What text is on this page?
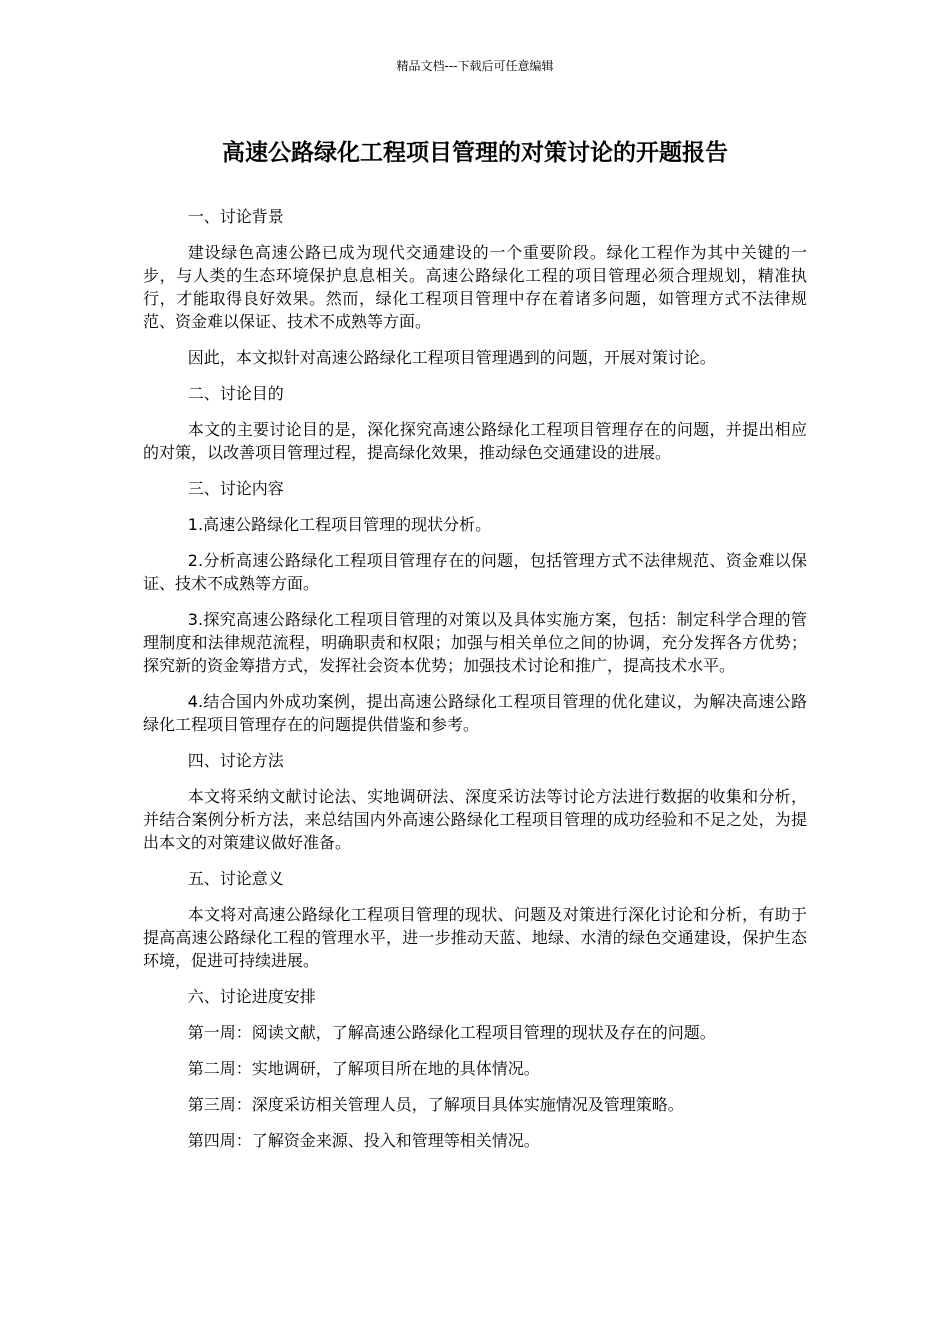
精品文档---下载后可任意编辑
高速公路绿化工程项目管理的对策讨论的开题报告

一、讨论背景

建设绿色高速公路已成为现代交通建设的一个重要阶段。绿化工程作为其中关键的一步，与人类的生态环境保护息息相关。高速公路绿化工程的项目管理必须合理规划，精准执行，才能取得良好效果。然而，绿化工程项目管理中存在着诸多问题，如管理方式不法律规范、资金难以保证、技术不成熟等方面。

因此，本文拟针对高速公路绿化工程项目管理遇到的问题，开展对策讨论。

二、讨论目的

本文的主要讨论目的是，深化探究高速公路绿化工程项目管理存在的问题，并提出相应的对策，以改善项目管理过程，提高绿化效果，推动绿色交通建设的进展。

三、讨论内容

1.高速公路绿化工程项目管理的现状分析。

2.分析高速公路绿化工程项目管理存在的问题，包括管理方式不法律规范、资金难以保证、技术不成熟等方面。

3.探究高速公路绿化工程项目管理的对策以及具体实施方案，包括：制定科学合理的管理制度和法律规范流程，明确职责和权限；加强与相关单位之间的协调，充分发挥各方优势；探究新的资金筹措方式，发挥社会资本优势；加强技术讨论和推广，提高技术水平。

4.结合国内外成功案例，提出高速公路绿化工程项目管理的优化建议，为解决高速公路绿化工程项目管理存在的问题提供借鉴和参考。

四、讨论方法

本文将采纳文献讨论法、实地调研法、深度采访法等讨论方法进行数据的收集和分析，并结合案例分析方法，来总结国内外高速公路绿化工程项目管理的成功经验和不足之处，为提出本文的对策建议做好准备。

五、讨论意义

本文将对高速公路绿化工程项目管理的现状、问题及对策进行深化讨论和分析，有助于提高高速公路绿化工程的管理水平，进一步推动天蓝、地绿、水清的绿色交通建设，保护生态环境，促进可持续进展。

六、讨论进度安排

第一周：阅读文献，了解高速公路绿化工程项目管理的现状及存在的问题。

第二周：实地调研，了解项目所在地的具体情况。

第三周：深度采访相关管理人员，了解项目具体实施情况及管理策略。

第四周：了解资金来源、投入和管理等相关情况。
